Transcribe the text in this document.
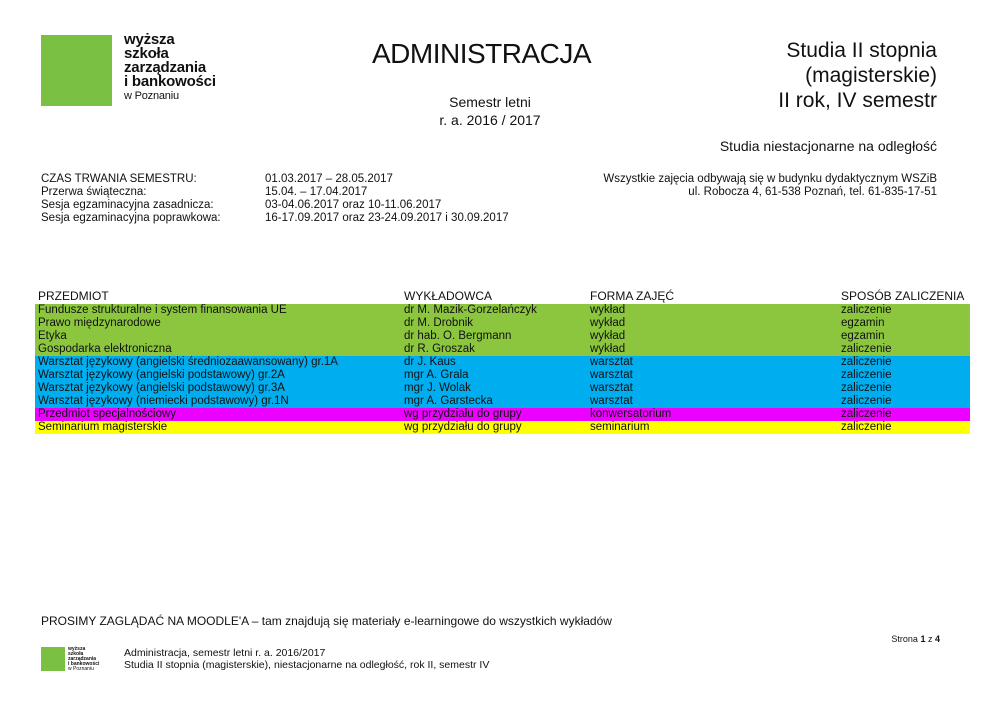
wyższa
szkoła
zarządzania
i bankowości
w Poznaniu
ADMINISTRACJA
Semestr letni
r. a. 2016 / 2017
Studia II stopnia
(magisterskie)
II rok, IV semestr
Studia niestacjonarne na odległość
CZAS TRWANIA SEMESTRU:	01.03.2017 – 28.05.2017
Przerwa świąteczna:	15.04. – 17.04.2017
Sesja egzaminacyjna zasadnicza:	03-04.06.2017 oraz 10-11.06.2017
Sesja egzaminacyjna poprawkowa:	16-17.09.2017 oraz 23-24.09.2017 i 30.09.2017
Wszystkie zajęcia odbywają się w budynku dydaktycznym WSZiB
ul. Robocza 4, 61-538 Poznań, tel. 61-835-17-51
PRZEDMIOT	WYKŁADOWCA	FORMA ZAJĘĆ	SPOSÓB ZALICZENIA
Fundusze strukturalne i system finansowania UE	dr M. Mazik-Gorzelańczyk	wykład	zaliczenie
Prawo międzynarodowe	dr M. Drobnik	wykład	egzamin
Etyka	dr hab. O. Bergmann	wykład	egzamin
Gospodarka elektroniczna	dr R. Groszak	wykład	zaliczenie
Warsztat językowy (angielski średniozaawansowany) gr.1A	dr J. Kaus	warsztat	zaliczenie
Warsztat językowy (angielski podstawowy) gr.2A	mgr A. Grala	warsztat	zaliczenie
Warsztat językowy (angielski podstawowy) gr.3A	mgr J. Wolak	warsztat	zaliczenie
Warsztat językowy (niemiecki podstawowy) gr.1N	mgr A. Garstecka	warsztat	zaliczenie
Przedmiot specjalnościowy	wg przydziału do grupy	konwersatorium	zaliczenie
Seminarium magisterskie	wg przydziału do grupy	seminarium	zaliczenie
PROSIMY ZAGLĄDAĆ NA MOODLE'A – tam znajdują się materiały e-learningowe do wszystkich wykładów
Strona 1 z 4
wyższa
szkoła
zarządzania
i bankowości
w Poznaniu
Administracja, semestr letni r. a. 2016/2017
Studia II stopnia (magisterskie), niestacjonarne na odległość, rok II, semestr IV
